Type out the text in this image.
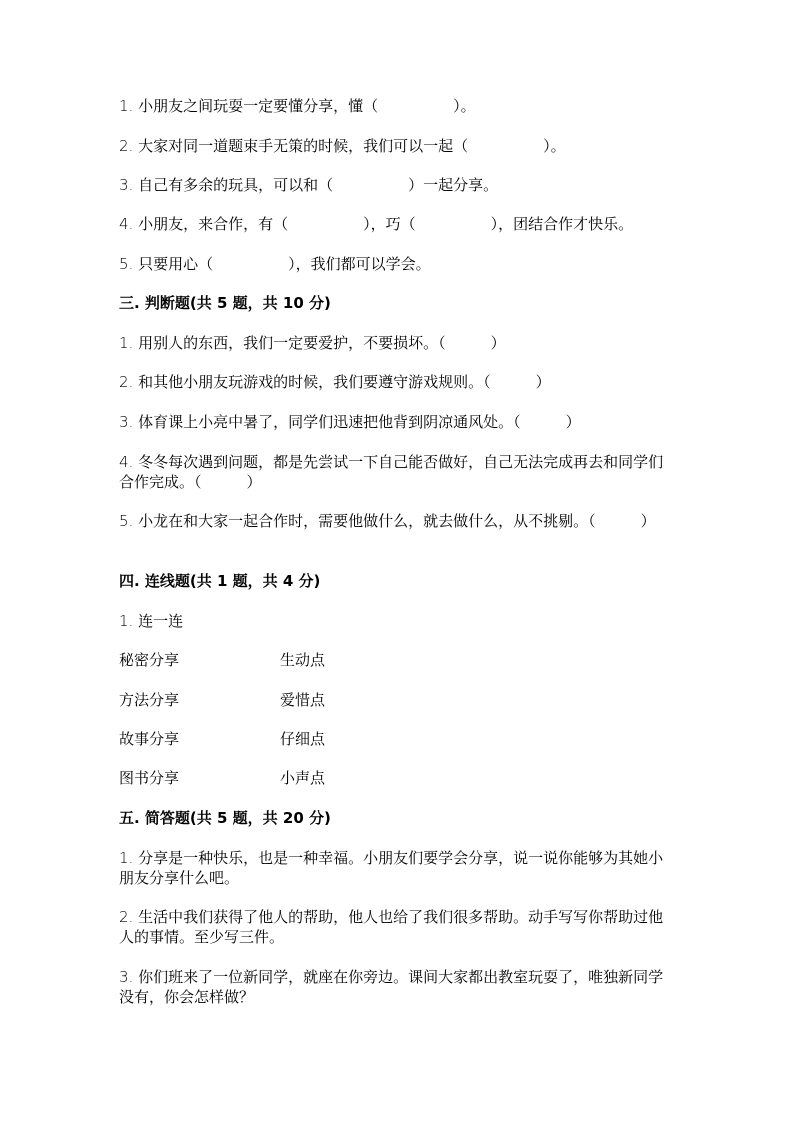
1. 小朋友之间玩耍一定要懂分享，懂（　　　　　）。
2. 大家对同一道题束手无策的时候，我们可以一起（　　　　　）。
3. 自己有多余的玩具，可以和（　　　　　）一起分享。
4. 小朋友，来合作，有（　　　　　），巧（　　　　　），团结合作才快乐。
5. 只要用心（　　　　　），我们都可以学会。
三. 判断题(共 5 题，共 10 分)
1. 用别人的东西，我们一定要爱护，不要损坏。（　　　）
2. 和其他小朋友玩游戏的时候，我们要遵守游戏规则。（　　　）
3. 体育课上小亮中暑了，同学们迅速把他背到阴凉通风处。（　　　）
4. 冬冬每次遇到问题，都是先尝试一下自己能否做好，自己无法完成再去和同学们合作完成。（　　　）
5. 小龙在和大家一起合作时，需要他做什么，就去做什么，从不挑剔。（　　　）
四. 连线题(共 1 题，共 4 分)
1. 连一连
秘密分享	生动点
方法分享	爱惜点
故事分享	仔细点
图书分享	小声点
五. 简答题(共 5 题，共 20 分)
1. 分享是一种快乐，也是一种幸福。小朋友们要学会分享，说一说你能够为其她小朋友分享什么吧。
2. 生活中我们获得了他人的帮助，他人也给了我们很多帮助。动手写写你帮助过他人的事情。至少写三件。
3. 你们班来了一位新同学，就座在你旁边。课间大家都出教室玩耍了，唯独新同学没有，你会怎样做？
